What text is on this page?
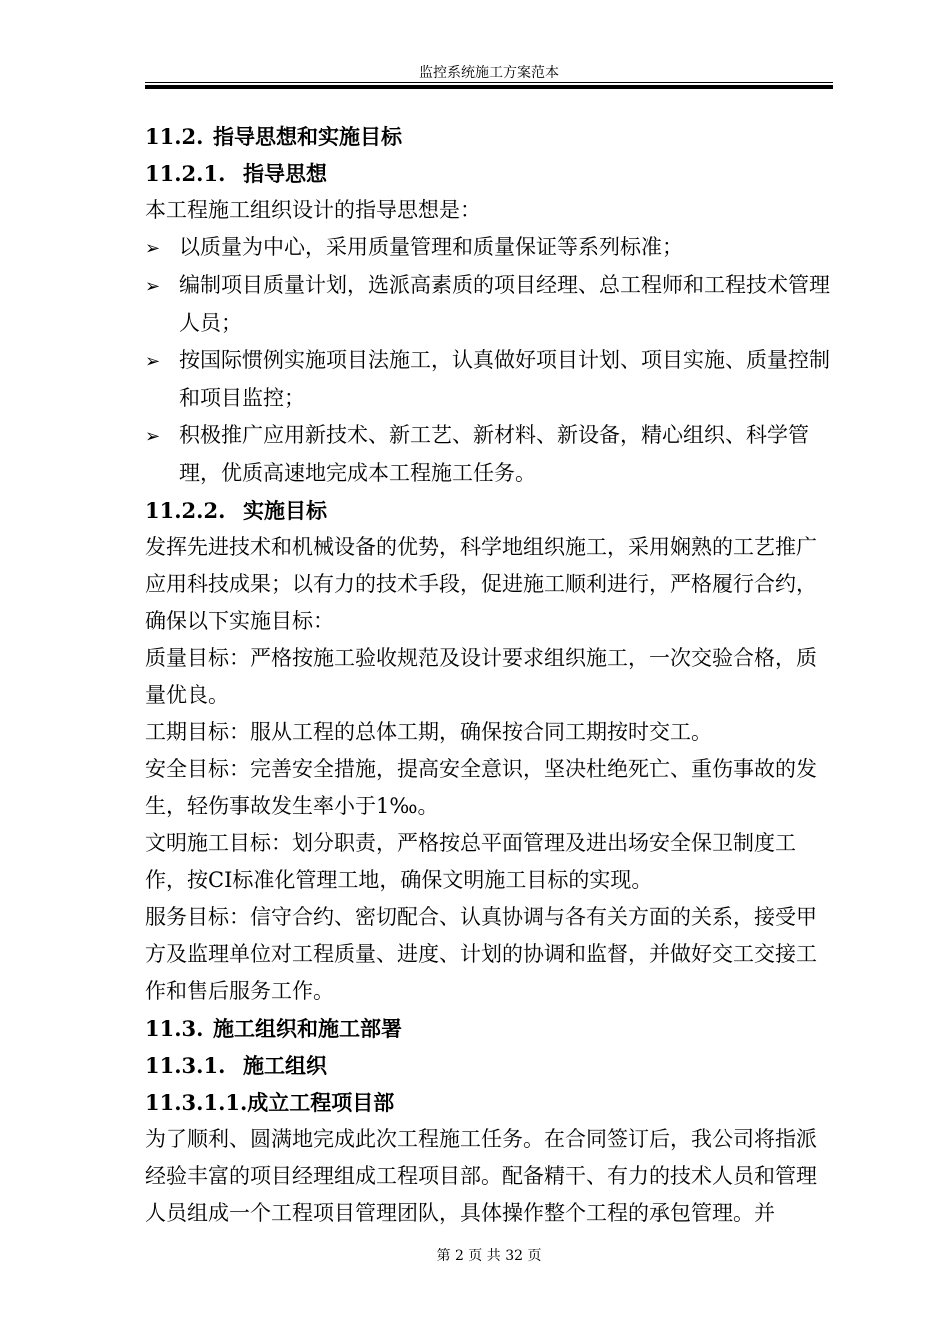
监控系统施工方案范本

11.2. 指导思想和实施目标

11.2.1. 指导思想

本工程施工组织设计的指导思想是：

➢ 以质量为中心，采用质量管理和质量保证等系列标准；

➢ 编制项目质量计划，选派高素质的项目经理、总工程师和工程技术管理人员；

➢ 按国际惯例实施项目法施工，认真做好项目计划、项目实施、质量控制和项目监控；

➢ 积极推广应用新技术、新工艺、新材料、新设备，精心组织、科学管理，优质高速地完成本工程施工任务。

11.2.2. 实施目标

发挥先进技术和机械设备的优势，科学地组织施工，采用娴熟的工艺推广应用科技成果；以有力的技术手段，促进施工顺利进行，严格履行合约，确保以下实施目标：

质量目标：严格按施工验收规范及设计要求组织施工，一次交验合格，质量优良。

工期目标：服从工程的总体工期，确保按合同工期按时交工。

安全目标：完善安全措施，提高安全意识，坚决杜绝死亡、重伤事故的发生，轻伤事故发生率小于1‰。

文明施工目标：划分职责，严格按总平面管理及进出场安全保卫制度工作，按CI标准化管理工地，确保文明施工目标的实现。

服务目标：信守合约、密切配合、认真协调与各有关方面的关系，接受甲方及监理单位对工程质量、进度、计划的协调和监督，并做好交工交接工作和售后服务工作。

11.3. 施工组织和施工部署

11.3.1. 施工组织

11.3.1.1.成立工程项目部

为了顺利、圆满地完成此次工程施工任务。在合同签订后，我公司将指派经验丰富的项目经理组成工程项目部。配备精干、有力的技术人员和管理人员组成一个工程项目管理团队，具体操作整个工程的承包管理。并

第 2 页 共 32 页
